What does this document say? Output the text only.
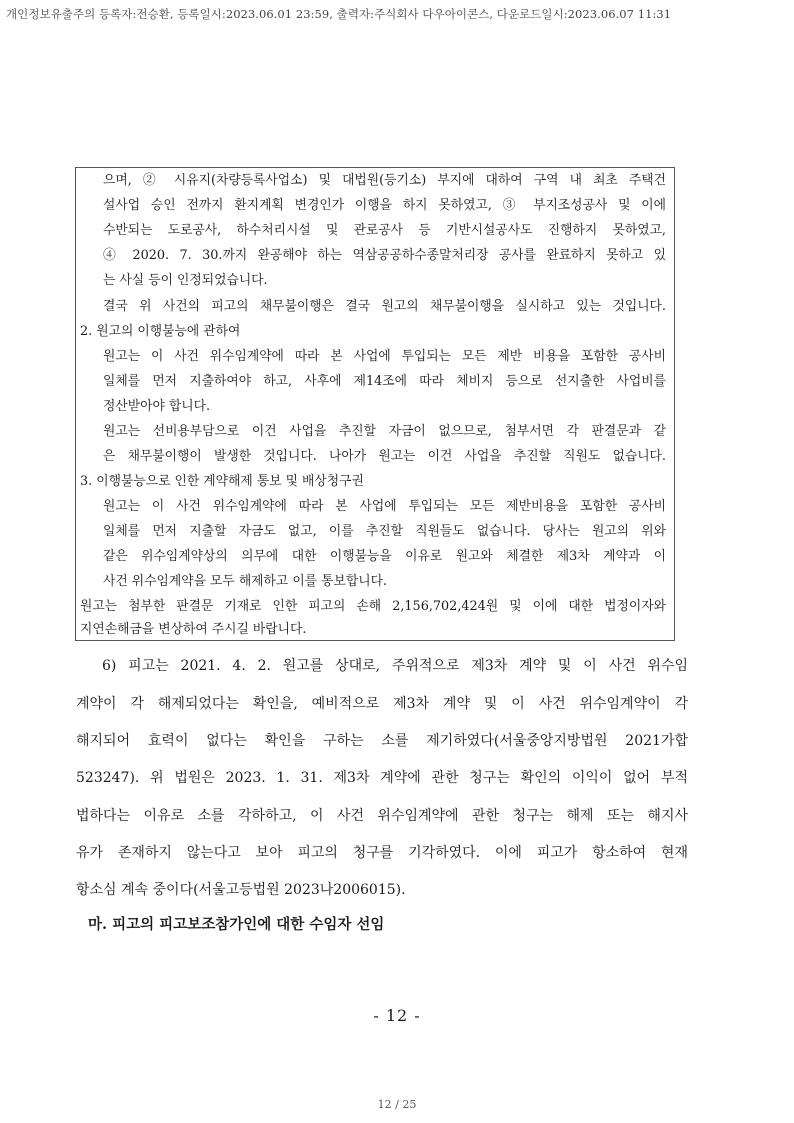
개인정보유출주의 등록자:전승환, 등록일시:2023.06.01 23:59, 출력자:주식회사 다우아이콘스, 다운로드일시:2023.06.07 11:31
으며, ② 시유지(차량등록사업소) 및 대법원(등기소) 부지에 대하여 구역 내 최초 주택건
설사업 승인 전까지 환지계획 변경인가 이행을 하지 못하였고, ③ 부지조성공사 및 이에
수반되는 도로공사, 하수처리시설 및 관로공사 등 기반시설공사도 진행하지 못하였고,
④ 2020. 7. 30.까지 완공해야 하는 역삼공공하수종말처리장 공사를 완료하지 못하고 있
는 사실 등이 인정되었습니다.
결국 위 사건의 피고의 채무불이행은 결국 원고의 채무불이행을 실시하고 있는 것입니다.
2. 원고의 이행불능에 관하여
원고는 이 사건 위수임계약에 따라 본 사업에 투입되는 모든 제반 비용을 포함한 공사비
일체를 먼저 지출하여야 하고, 사후에 제14조에 따라 체비지 등으로 선지출한 사업비를
정산받아야 합니다.
원고는 선비용부담으로 이건 사업을 추진할 자금이 없으므로, 첨부서면 각 판결문과 같
은 채무불이행이 발생한 것입니다. 나아가 원고는 이건 사업을 추진할 직원도 없습니다.
3. 이행불능으로 인한 계약해제 통보 및 배상청구권
원고는 이 사건 위수임계약에 따라 본 사업에 투입되는 모든 제반비용을 포함한 공사비
일체를 먼저 지출할 자금도 없고, 이를 추진할 직원들도 없습니다. 당사는 원고의 위와
같은 위수임계약상의 의무에 대한 이행불능을 이유로 원고와 체결한 제3차 계약과 이
사건 위수임계약을 모두 해제하고 이를 통보합니다.
원고는 첨부한 판결문 기재로 인한 피고의 손해 2,156,702,424원 및 이에 대한 법정이자와
지연손해금을 변상하여 주시길 바랍니다.
6) 피고는 2021. 4. 2. 원고를 상대로, 주위적으로 제3차 계약 및 이 사건 위수임
계약이 각 해제되었다는 확인을, 예비적으로 제3차 계약 및 이 사건 위수임계약이 각
해지되어 효력이 없다는 확인을 구하는 소를 제기하였다(서울중앙지방법원 2021가합
523247). 위 법원은 2023. 1. 31. 제3차 계약에 관한 청구는 확인의 이익이 없어 부적
법하다는 이유로 소를 각하하고, 이 사건 위수임계약에 관한 청구는 해제 또는 해지사
유가 존재하지 않는다고 보아 피고의 청구를 기각하였다. 이에 피고가 항소하여 현재
항소심 계속 중이다(서울고등법원 2023나2006015).
마. 피고의 피고보조참가인에 대한 수임자 선임
- 12 -
12 / 25
